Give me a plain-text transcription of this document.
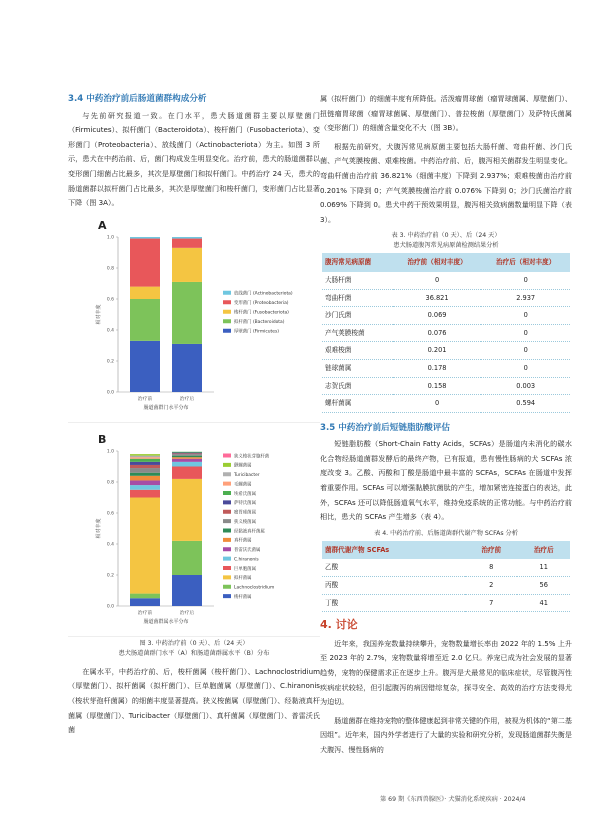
3.4 中药治疗前后肠道菌群构成分析

与先前研究报道一致。在门水平，患犬肠道菌群主要以厚壁菌门（Firmicutes）、拟杆菌门（Bacteroidota）、梭杆菌门（Fusobacteriota）、变形菌门（Proteobacteria）、放线菌门（Actinobacteriota）为主。如图 3 所示，患犬在中药治前、后，菌门构成发生明显变化。治疗前，患犬的肠道菌群以变形菌门细菌占比最多，其次是厚壁菌门和拟杆菌门。中药治疗 24 天，患犬的肠道菌群以拟杆菌门占比最多，其次是厚壁菌门和梭杆菌门，变形菌门占比显著下降（图 3A）。

A
0.0
0.2
0.4
0.6
0.8
1.0
相对丰度
治疗前	治疗后
肠道菌群门水平分布
放线菌门 (Actinobacteriota)
变形菌门 (Proteobacteria)
梭杆菌门 (Fusobacteriota)
拟杆菌门 (Bacteroidota)
厚壁菌门 (Firmicutes)
B
0.0
0.2
0.4
0.6
0.8
1.0
相对丰度
治疗前	治疗后
肠道菌群属水平分布
狭义梭状芽胞杆菌
颤螺菌属
Turicibacter
毛螺菌属
埃希氏菌属
萨特氏菌属
瘤胃球菌属
狭义梭菌属
经黏液真杆菌属
真杆菌属
普雷沃氏菌属
C.hiranonis
巨单胞菌属
拟杆菌属
Lachnoclostridium
梭杆菌属
图 3. 中药治疗前（0 天）、后（24 天）
患犬肠道菌群门水平（A）和肠道菌群属水平（B）分布

在属水平，中药治疗前、后，梭杆菌属（梭杆菌门）、Lachnoclostridium（厚壁菌门）、拟杆菌属（拟杆菌门）、巨单胞菌属（厚壁菌门）、C.hiranonis（梭状芽孢杆菌属）的细菌丰度显著提高。狭义梭菌属（厚壁菌门）、经黏液真杆菌属（厚壁菌门）、Turicibacter（厚壁菌门）、真杆菌属（厚壁菌门）、普雷沃氏菌

属（拟杆菌门）的细菌丰度有所降低。活泼瘤胃球菌（瘤胃球菌属、厚壁菌门）、扭链瘤胃球菌（瘤胃球菌属、厚壁菌门）、普拉梭菌（厚壁菌门）及萨特氏菌属（变形菌门）的细菌含量变化不大（图 3B）。

根据先前研究，犬腹泻常见病原菌主要包括大肠杆菌、弯曲杆菌、沙门氏菌、产气荚膜梭菌、艰难梭菌。中药治疗前、后，腹泻相关菌群发生明显变化。弯曲杆菌由治疗前 36.821%（细菌丰度）下降到 2.937%；艰难梭菌由治疗前 0.201% 下降到 0；产气荚膜梭菌治疗前 0.076% 下降到 0；沙门氏菌治疗前 0.069% 下降到 0。患犬中药干预效果明显，腹泻相关致病菌数量明显下降（表 3）。

表 3. 中药治疗前（0 天）、后（24 天）
患犬肠道腹泻常见病原菌检测结果分析
腹泻常见病原菌	治疗前（相对丰度）	治疗后（相对丰度）
大肠杆菌	0	0
弯曲杆菌	36.821	2.937
沙门氏菌	0.069	0
产气荚膜梭菌	0.076	0
艰难梭菌	0.201	0
链球菌属	0.178	0
志贺氏菌	0.158	0.003
螺杆菌属	0	0.594
3.5 中药治疗前后短链脂肪酸评估

短链脂肪酸（Short-Chain Fatty Acids，SCFAs）是肠道内未消化的碳水化合物经肠道菌群发酵后的最终产物，已有报道，患有慢性肠病的犬 SCFAs 浓度改变 3。乙酸、丙酸和丁酸是肠道中最丰富的 SCFAs，SCFAs 在肠道中发挥着重要作用。SCFAs 可以增强黏膜抗菌肽的产生，增加紧密连接蛋白的表达，此外，SCFAs 还可以降低肠道氧气水平，维持免疫系统的正常功能。与中药治疗前相比，患犬的 SCFAs 产生增多（表 4）。

表 4. 中药治疗前、后肠道菌群代谢产物 SCFAs 分析
菌群代谢产物 SCFAs	治疗前	治疗后
乙酸	8	11
丙酸	2	56
丁酸	7	41
4. 讨论

近年来，我国养宠数量持续攀升，宠物数量增长率由 2022 年的 1.5% 上升至 2023 年的 2.7%，宠物数量将增至近 2.0 亿只。养宠已成为社会发展的显著趋势，宠物的保健需求正在逐步上升。腹泻是犬最常见的临床症状，尽管腹泻性疾病症状较轻，但引起腹泻的病因错综复杂，探寻安全、高效的治疗方法变得尤为迫切。

肠道菌群在维持宠物的整体健康起到非常关键的作用，被视为机体的“第二基因组”。近年来，国内外学者进行了大量的实验和研究分析，发现肠道菌群失衡是犬腹泻、慢性肠病的

第 69 期《东西兽腺医》· 犬猫消化系统疾病 · 2024/4
